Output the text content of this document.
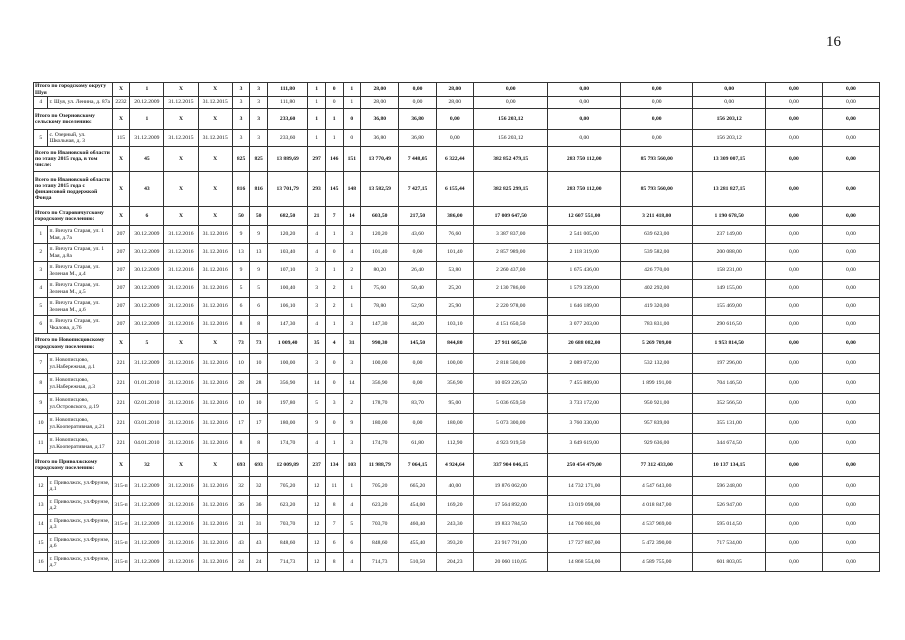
16
Итого по городскому округу Шуя		X	1	X	X	3	3	111,80	1	0	1	28,00	0,00	28,00	0,00	0,00	0,00	0,00	0,00	0,00
4	г. Шуя, ул. Ленина, д. 87а	2232	20.12.2009	31.12.2015	31.12.2015	3	3	111,80	1	0	1	28,00	0,00	28,00	0,00	0,00	0,00	0,00	0,00	0,00
Итого по Озерновскому сельскому поселению:		X	1	X	X	3	3	233,60	1	1	0	36,80	36,80	0,00	156 203,12	0,00	0,00	156 203,12	0,00	0,00
5	с. Озерный, ул. Школьная, д. 3	115	31.12.2009	31.12.2015	31.12.2015	3	3	233,60	1	1	0	36,80	36,80	0,00	156 203,12	0,00	0,00	156 203,12	0,00	0,00
Всего по Ивановской области по этапу 2015 года, в том числе:		X	45	X	X	825	825	13 889,69	297	146	151	13 770,49	7 448,05	6 322,44	382 852 479,15	283 750 112,00	85 793 560,00	13 309 007,15	0,00	0,00
Всего по Ивановской области по этапу 2015 года с финансовой поддержкой Фонда		X	43	X	X	816	816	13 701,79	293	145	148	13 582,59	7 427,15	6 155,44	382 825 299,15	283 750 112,00	85 793 560,00	13 281 827,15	0,00	0,00
Итого по Старовичугскому городскому поселению:		X	6	X	X	50	50	682,50	21	7	14	603,50	217,50	386,00	17 009 647,50	12 607 551,00	3 211 418,00	1 190 678,50	0,00	0,00
1	п. Вичуга Старая, ул. 1 Мая, д.7а	207	30.12.2009	31.12.2016	31.12.2016	9	9	120,20	4	1	3	120,20	43,60	76,60	3 387 837,00	2 541 005,00	639 623,00	237 149,00	0,00	0,00
2	п. Вичуга Старая, ул. 1 Мая, д.8а	207	30.12.2009	31.12.2016	31.12.2016	13	13	103,40	4	0	4	101,40	0,00	101,40	2 857 989,00	2 118 319,00	539 582,00	200 088,00	0,00	0,00
3	п. Вичуга Старая, ул. Зеленая М., д.4	207	30.12.2009	31.12.2016	31.12.2016	9	9	107,10	3	1	2	80,20	26,40	53,80	2 260 437,00	1 675 436,00	426 770,00	158 231,00	0,00	0,00
4	п. Вичуга Старая, ул. Зеленая М., д.5	207	30.12.2009	31.12.2016	31.12.2016	5	5	100,40	3	2	1	75,60	50,40	25,20	2 130 786,00	1 579 339,00	402 292,00	149 155,00	0,00	0,00
5	п. Вичуга Старая, ул. Зеленая М., д.6	207	30.12.2009	31.12.2016	31.12.2016	6	6	106,10	3	2	1	78,80	52,90	25,90	2 220 978,00	1 646 189,00	419 320,00	155 469,00	0,00	0,00
6	п. Вичуга Старая, ул. Чкалова, д.76	207	30.12.2009	31.12.2016	31.12.2016	8	8	147,30	4	1	3	147,30	44,20	103,10	4 151 650,50	3 077 203,00	783 831,00	290 616,50	0,00	0,00
Итого по Новописцовскому городскому поселению:		X	5	X	X	73	73	1 009,40	35	4	31	990,30	145,50	844,80	27 911 605,50	20 688 082,00	5 269 709,00	1 953 814,50	0,00	0,00
7	п. Новописцово, ул.Набережная, д.1	221	31.12.2009	31.12.2016	31.12.2016	10	10	100,00	3	0	3	100,00	0,00	100,00	2 818 500,00	2 089 072,00	532 132,00	197 296,00	0,00	0,00
8	п. Новописцово, ул.Набережная, д.3	221	01.01.2010	31.12.2016	31.12.2016	28	28	356,90	14	0	14	356,90	0,00	356,90	10 059 226,50	7 455 889,00	1 899 191,00	704 146,50	0,00	0,00
9	п. Новописцово, ул.Островского, д.19	221	02.01.2010	31.12.2016	31.12.2016	10	10	197,80	5	3	2	178,70	83,70	95,00	5 036 659,50	3 733 172,00	950 921,00	352 566,50	0,00	0,00
10	п. Новописцово, ул.Кооперативная, д.21	221	03.01.2010	31.12.2016	31.12.2016	17	17	180,00	9	0	9	180,00	0,00	180,00	5 073 300,00	3 760 330,00	957 839,00	355 131,00	0,00	0,00
11	п. Новописцово, ул.Кооперативная, д.17	221	04.01.2010	31.12.2016	31.12.2016	8	8	174,70	4	1	3	174,70	61,80	112,90	4 923 919,50	3 649 619,00	929 636,00	344 674,50	0,00	0,00
Итого по Приволжскому городскому поселению:		X	32	X	X	693	693	12 009,89	237	134	103	11 988,79	7 064,15	4 924,64	337 904 046,15	250 454 479,00	77 312 433,00	10 137 134,15	0,00	0,00
12	г. Приволжск, ул.Фрунзе, д.1	315-п	31.12.2009	31.12.2016	31.12.2016	32	32	705,20	12	11	1	705,20	665,20	40,00	19 876 062,00	14 732 171,00	4 547 643,00	596 248,00	0,00	0,00
13	г. Приволжск, ул.Фрунзе, д.2	315-п	31.12.2009	31.12.2016	31.12.2016	36	36	623,20	12	8	4	623,20	454,00	169,20	17 564 892,00	13 019 098,00	4 018 847,00	526 947,00	0,00	0,00
14	г. Приволжск, ул.Фрунзе, д.3	315-п	31.12.2009	31.12.2016	31.12.2016	31	31	703,70	12	7	5	703,70	460,40	243,30	19 833 784,50	14 700 801,00	4 537 969,00	595 014,50	0,00	0,00
15	г. Приволжск, ул.Фрунзе, д.6	315-п	31.12.2009	31.12.2016	31.12.2016	43	43	848,60	12	6	6	848,60	455,40	393,20	23 917 791,00	17 727 867,00	5 472 390,00	717 534,00	0,00	0,00
16	г. Приволжск, ул.Фрунзе, д.7	315-п	31.12.2009	31.12.2016	31.12.2016	24	24	714,73	12	8	4	714,73	510,50	204,23	20 060 110,05	14 868 554,00	4 589 755,00	601 803,05	0,00	0,00
